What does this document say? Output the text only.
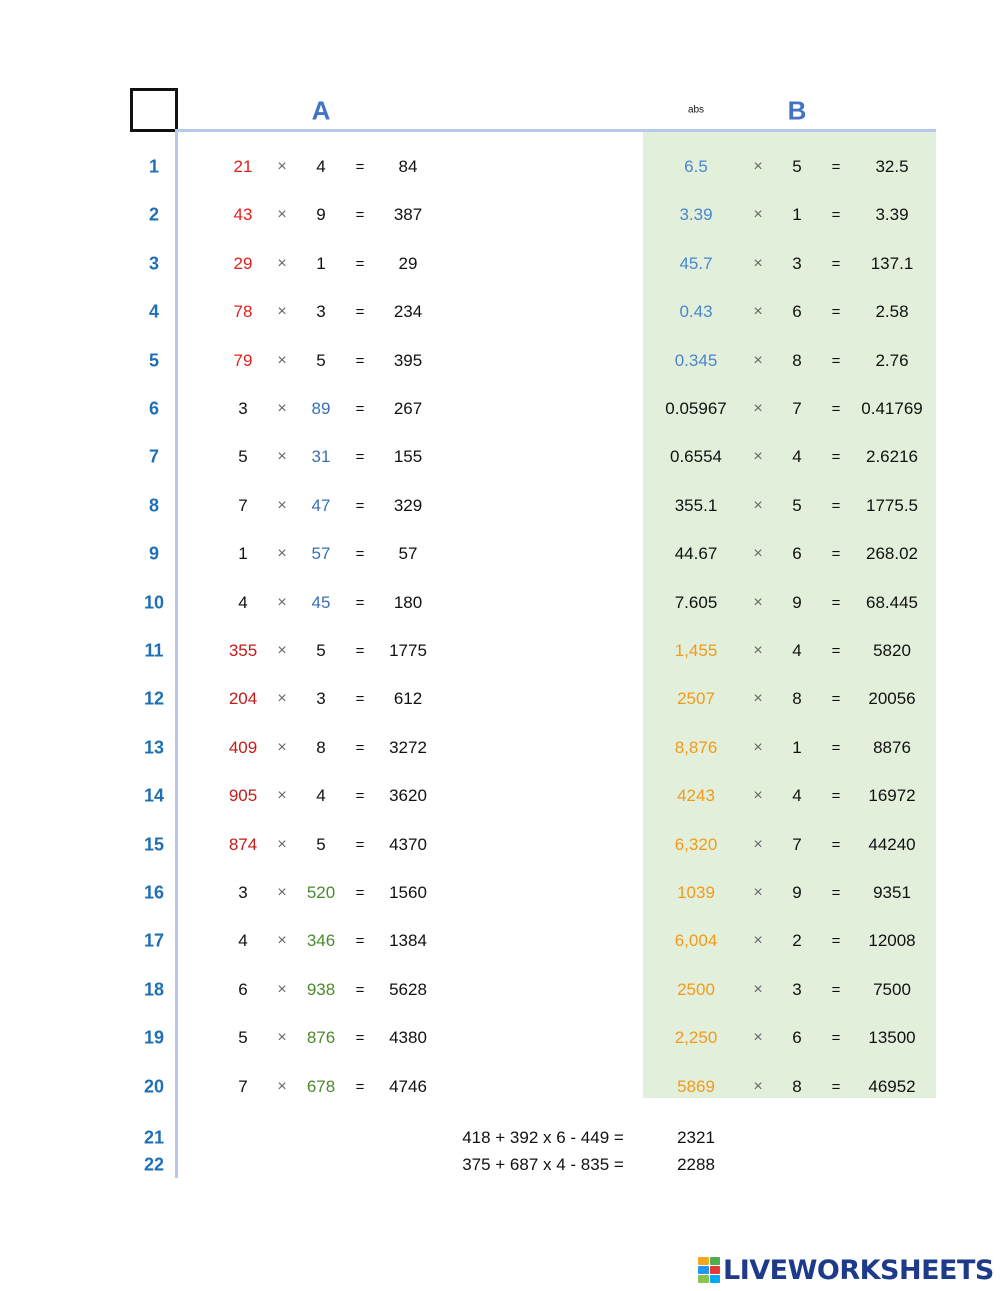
A	abs	B
1	21 × 4 = 84	6.5	× 5 = 32.5
2	43 × 9 = 387	3.39	× 1 = 3.39
3	29 × 1 = 29	45.7	× 3 = 137.1
4	78 × 3 = 234	0.43	× 6 = 2.58
5	79 × 5 = 395	0.345 × 8 = 2.76
6	3 × 89 = 267	0.05967 × 7 = 0.41769
7	5 × 31 = 155	0.6554 × 4 = 2.6216
8	7 × 47 = 329	355.1 × 5 = 1775.5
9	1 × 57 = 57	44.67 × 6 = 268.02
10	4 × 45 = 180	7.605 × 9 = 68.445
11	355 × 5 = 1775	1,455 × 4 = 5820
12	204 × 3 = 612	2507 × 8 = 20056
13	409 × 8 = 3272	8,876 × 1 = 8876
14	905 × 4 = 3620	4243 × 4 = 16972
15	874 × 5 = 4370	6,320 × 7 = 44240
16	3 × 520 = 1560	1039 × 9 = 9351
17	4 × 346 = 1384	6,004 × 2 = 12008
18	6 × 938 = 5628	2500 × 3 = 7500
19	5 × 876 = 4380	2,250 × 6 = 13500
20	7 × 678 = 4746	5869 × 8 = 46952
21	418 + 392 x 6 - 449 =	2321
22	375 + 687 x 4 - 835 =	2288
LIVEWORKSHEETS
